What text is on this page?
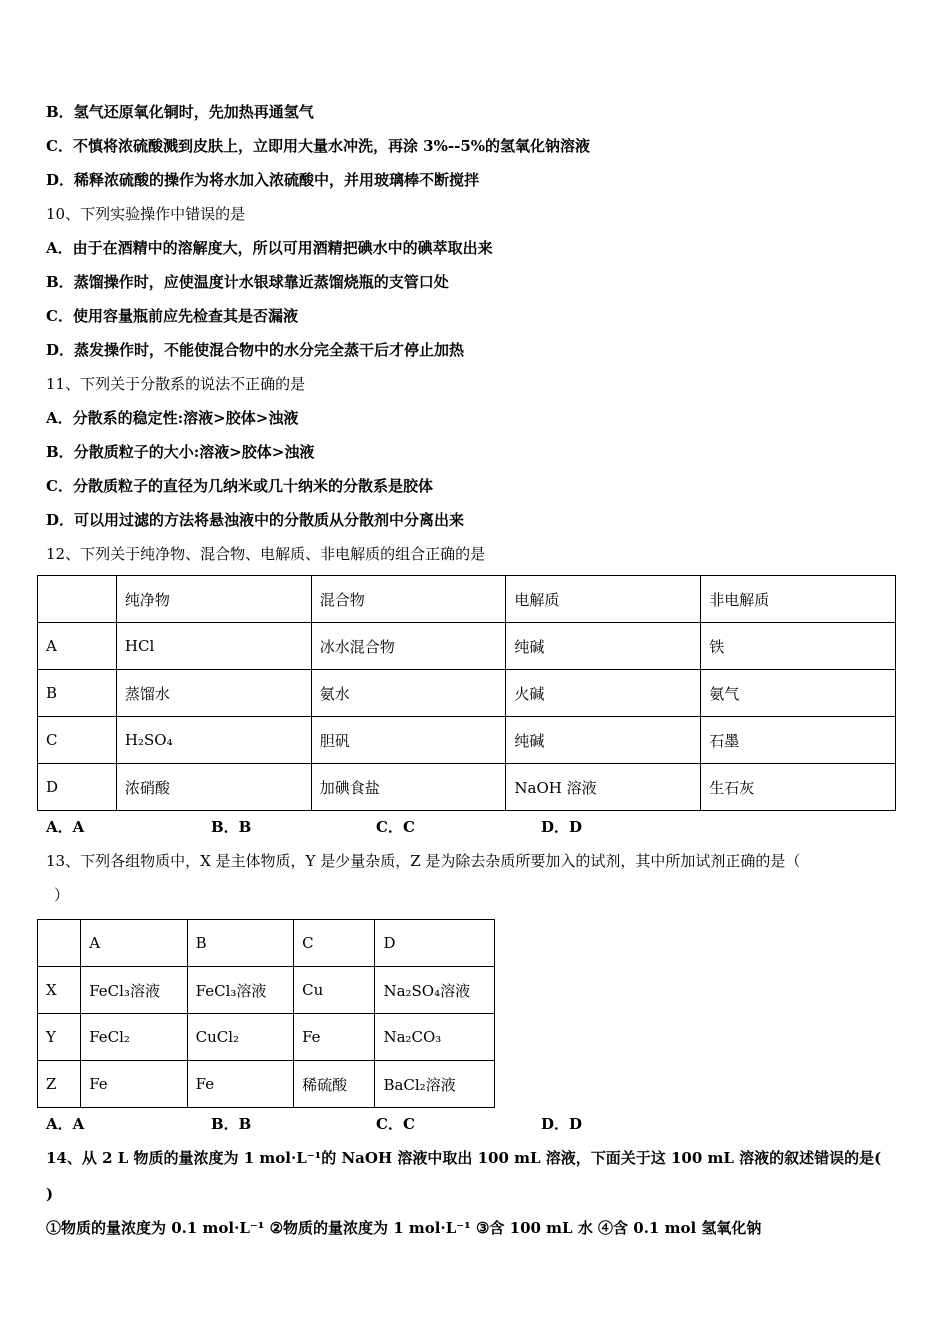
B．氢气还原氧化铜时，先加热再通氢气
C．不慎将浓硫酸溅到皮肤上，立即用大量水冲洗，再涂 3%--5%的氢氧化钠溶液
D．稀释浓硫酸的操作为将水加入浓硫酸中，并用玻璃棒不断搅拌
10、下列实验操作中错误的是
A．由于在酒精中的溶解度大，所以可用酒精把碘水中的碘萃取出来
B．蒸馏操作时，应使温度计水银球靠近蒸馏烧瓶的支管口处
C．使用容量瓶前应先检查其是否漏液
D．蒸发操作时，不能使混合物中的水分完全蒸干后才停止加热
11、下列关于分散系的说法不正确的是
A．分散系的稳定性:溶液>胶体>浊液
B．分散质粒子的大小:溶液>胶体>浊液
C．分散质粒子的直径为几纳米或几十纳米的分散系是胶体
D．可以用过滤的方法将悬浊液中的分散质从分散剂中分离出来
12、下列关于纯净物、混合物、电解质、非电解质的组合正确的是
	纯净物	混合物	电解质	非电解质
A	HCl	冰水混合物	纯碱	铁
B	蒸馏水	氨水	火碱	氨气
C	H₂SO₄	胆矾	纯碱	石墨
D	浓硝酸	加碘食盐	NaOH 溶液	生石灰
A．A	B．B	C．C	D．D
13、下列各组物质中，X 是主体物质，Y 是少量杂质，Z 是为除去杂质所要加入的试剂，其中所加试剂正确的是（
）
	A	B	C	D
X	FeCl₃溶液	FeCl₃溶液	Cu	Na₂SO₄溶液
Y	FeCl₂	CuCl₂	Fe	Na₂CO₃
Z	Fe	Fe	稀硫酸	BaCl₂溶液
A．A	B．B	C．C	D．D
14、从 2 L 物质的量浓度为 1 mol·L⁻¹的 NaOH 溶液中取出 100 mL 溶液，下面关于这 100 mL 溶液的叙述错误的是(
)
①物质的量浓度为 0.1 mol·L⁻¹ ②物质的量浓度为 1 mol·L⁻¹ ③含 100 mL 水 ④含 0.1 mol 氢氧化钠
